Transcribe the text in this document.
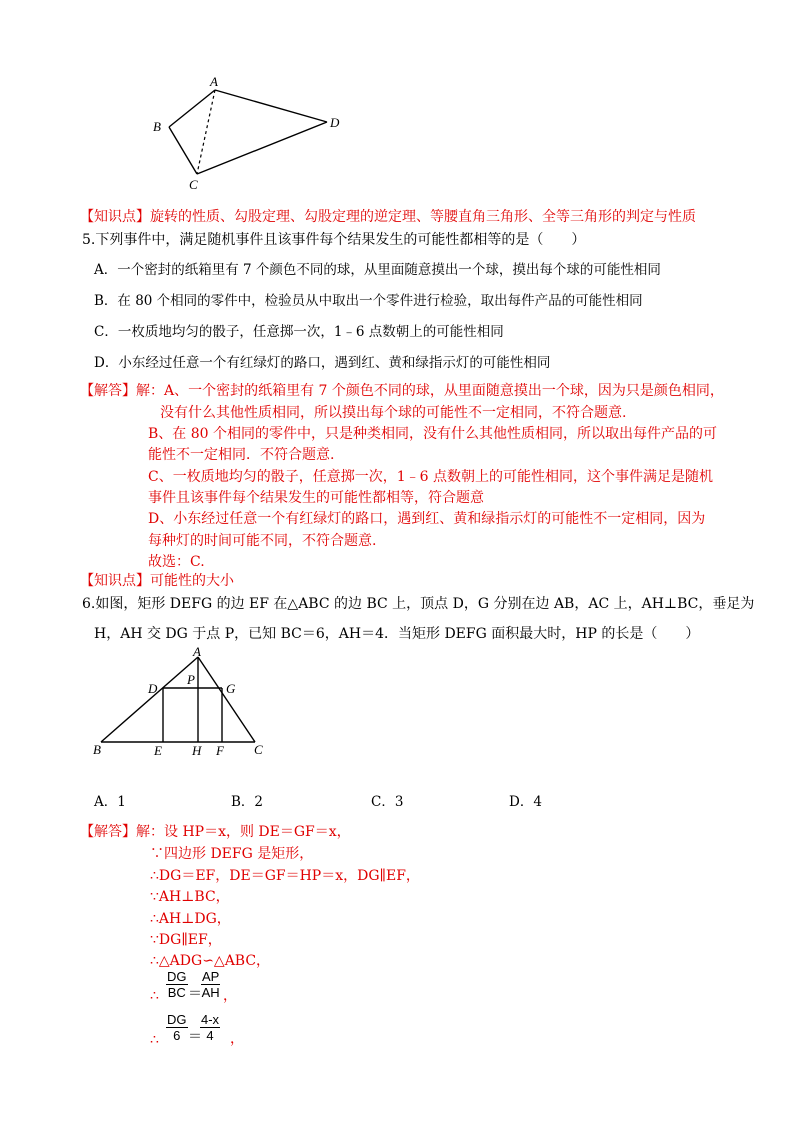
A
B
C
D
【知识点】旋转的性质、勾股定理、勾股定理的逆定理、等腰直角三角形、全等三角形的判定与性质
5.下列事件中，满足随机事件且该事件每个结果发生的可能性都相等的是（　　）
A．一个密封的纸箱里有 7 个颜色不同的球，从里面随意摸出一个球，摸出每个球的可能性相同
B．在 80 个相同的零件中，检验员从中取出一个零件进行检验，取出每件产品的可能性相同
C．一枚质地均匀的骰子，任意掷一次，1﹣6 点数朝上的可能性相同
D．小东经过任意一个有红绿灯的路口，遇到红、黄和绿指示灯的可能性相同
【解答】解：A、一个密封的纸箱里有 7 个颜色不同的球，从里面随意摸出一个球，因为只是颜色相同，
没有什么其他性质相同，所以摸出每个球的可能性不一定相同，不符合题意.
B、在 80 个相同的零件中，只是种类相同，没有什么其他性质相同，所以取出每件产品的可
能性不一定相同．不符合题意.
C、一枚质地均匀的骰子，任意掷一次，1﹣6 点数朝上的可能性相同，这个事件满足是随机
事件且该事件每个结果发生的可能性都相等，符合题意
D、小东经过任意一个有红绿灯的路口，遇到红、黄和绿指示灯的可能性不一定相同，因为
每种灯的时间可能不同，不符合题意.
故选：C.
【知识点】可能性的大小
6.如图，矩形 DEFG 的边 EF 在△ABC 的边 BC 上，顶点 D，G 分别在边 AB，AC 上，AH⊥BC，垂足为
H，AH 交 DG 于点 P，已知 BC＝6，AH＝4．当矩形 DEFG 面积最大时，HP 的长是（　　）
A
B	C
D	G
P
E H F
A．1	B．2	C．3	D．4
【解答】解：设 HP＝x，则 DE＝GF＝x，
∵四边形 DEFG 是矩形，
∴DG＝EF，DE＝GF＝HP＝x，DG∥EF，
∵AH⊥BC，
∴AH⊥DG，
∵DG∥EF，
∴△ADG∽△ABC，
∴ $\frac{DG}{BC} = \frac{AP}{AH}$ ，
∴ $\frac{DG}{6}$ ＝
$\frac{4-x}{4}$ ，
